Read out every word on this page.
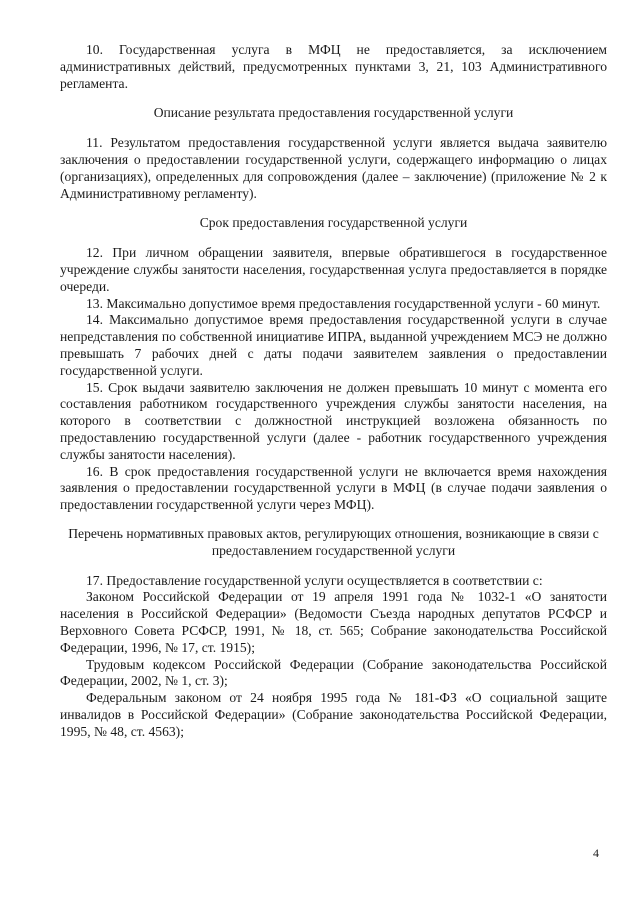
10. Государственная услуга в МФЦ не предоставляется, за исключением административных действий, предусмотренных пунктами 3, 21, 103 Административного регламента.

Описание результата предоставления государственной услуги

11. Результатом предоставления государственной услуги является выдача заявителю заключения о предоставлении государственной услуги, содержащего информацию о лицах (организациях), определенных для сопровождения (далее – заключение) (приложение № 2 к Административному регламенту).

Срок предоставления государственной услуги

12. При личном обращении заявителя, впервые обратившегося в государственное учреждение службы занятости населения, государственная услуга предоставляется в порядке очереди.

13. Максимально допустимое время предоставления государственной услуги - 60 минут.

14. Максимально допустимое время предоставления государственной услуги в случае непредставления по собственной инициативе ИПРА, выданной учреждением МСЭ не должно превышать 7 рабочих дней с даты подачи заявителем заявления о предоставлении государственной услуги.

15. Срок выдачи заявителю заключения не должен превышать 10 минут с момента его составления работником государственного учреждения службы занятости населения, на которого в соответствии с должностной инструкцией возложена обязанность по предоставлению государственной услуги (далее - работник государственного учреждения службы занятости населения).

16. В срок предоставления государственной услуги не включается время нахождения заявления о предоставлении государственной услуги в МФЦ (в случае подачи заявления о предоставлении государственной услуги через МФЦ).

Перечень нормативных правовых актов, регулирующих отношения, возникающие в связи с предоставлением государственной услуги

17. Предоставление государственной услуги осуществляется в соответствии с:

Законом Российской Федерации от 19 апреля 1991 года № 1032-1 «О занятости населения в Российской Федерации» (Ведомости Съезда народных депутатов РСФСР и Верховного Совета РСФСР, 1991, № 18, ст. 565; Собрание законодательства Российской Федерации, 1996, № 17, ст. 1915);

Трудовым кодексом Российской Федерации (Собрание законодательства Российской Федерации, 2002, № 1, ст. 3);

Федеральным законом от 24 ноября 1995 года № 181-ФЗ «О социальной защите инвалидов в Российской Федерации» (Собрание законодательства Российской Федерации, 1995, № 48, ст. 4563);

4
